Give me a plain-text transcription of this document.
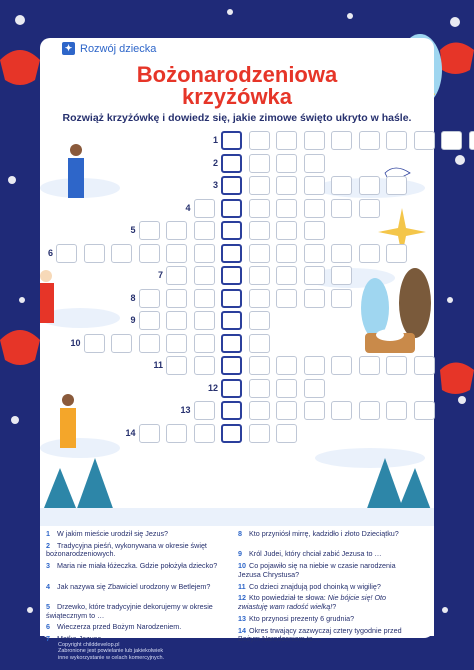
✦ Rozwój dziecka
Bożonarodzeniowa
krzyżówka
Rozwiąż krzyżówkę i dowiedz się, jakie zimowe święto ukryto w haśle.
1
2
3
4
5
6
7
8
9
10
11
12
13
14
1 W jakim mieście urodził się Jezus?
2 Tradycyjna pieśń, wykonywana w okresie święt bożonarodzeniowych.
3 Maria nie miała łóżeczka. Gdzie położyła dziecko?
4 Jak nazywa się Zbawiciel urodzony w Betlejem?
5 Drzewko, które tradycyjnie dekorujemy w okresie świątecznym to …
6 Wieczerza przed Bożym Narodzeniem.
7 Matka Jezusa.
8 Kto przyniósł mirrę, kadzidło i złoto Dzieciątku?
9 Król Judei, który chciał zabić Jezusa to …
10 Co pojawiło się na niebie w czasie narodzenia Jezusa Chrystusa?
11 Co dzieci znajdują pod choinką w wigilię?
12 Kto powiedział te słowa: Nie bójcie się! Oto zwiastuję wam radość wielką!?
13 Kto przynosi prezenty 6 grudnia?
14 Okres trwający zazwyczaj cztery tygodnie przed Bożym Narodzeniem to …
Copyright childdevelop.pl
Zabronione jest powielanie lub jakiekolwiek
inne wykorzystanie w celach komercyjnych.
